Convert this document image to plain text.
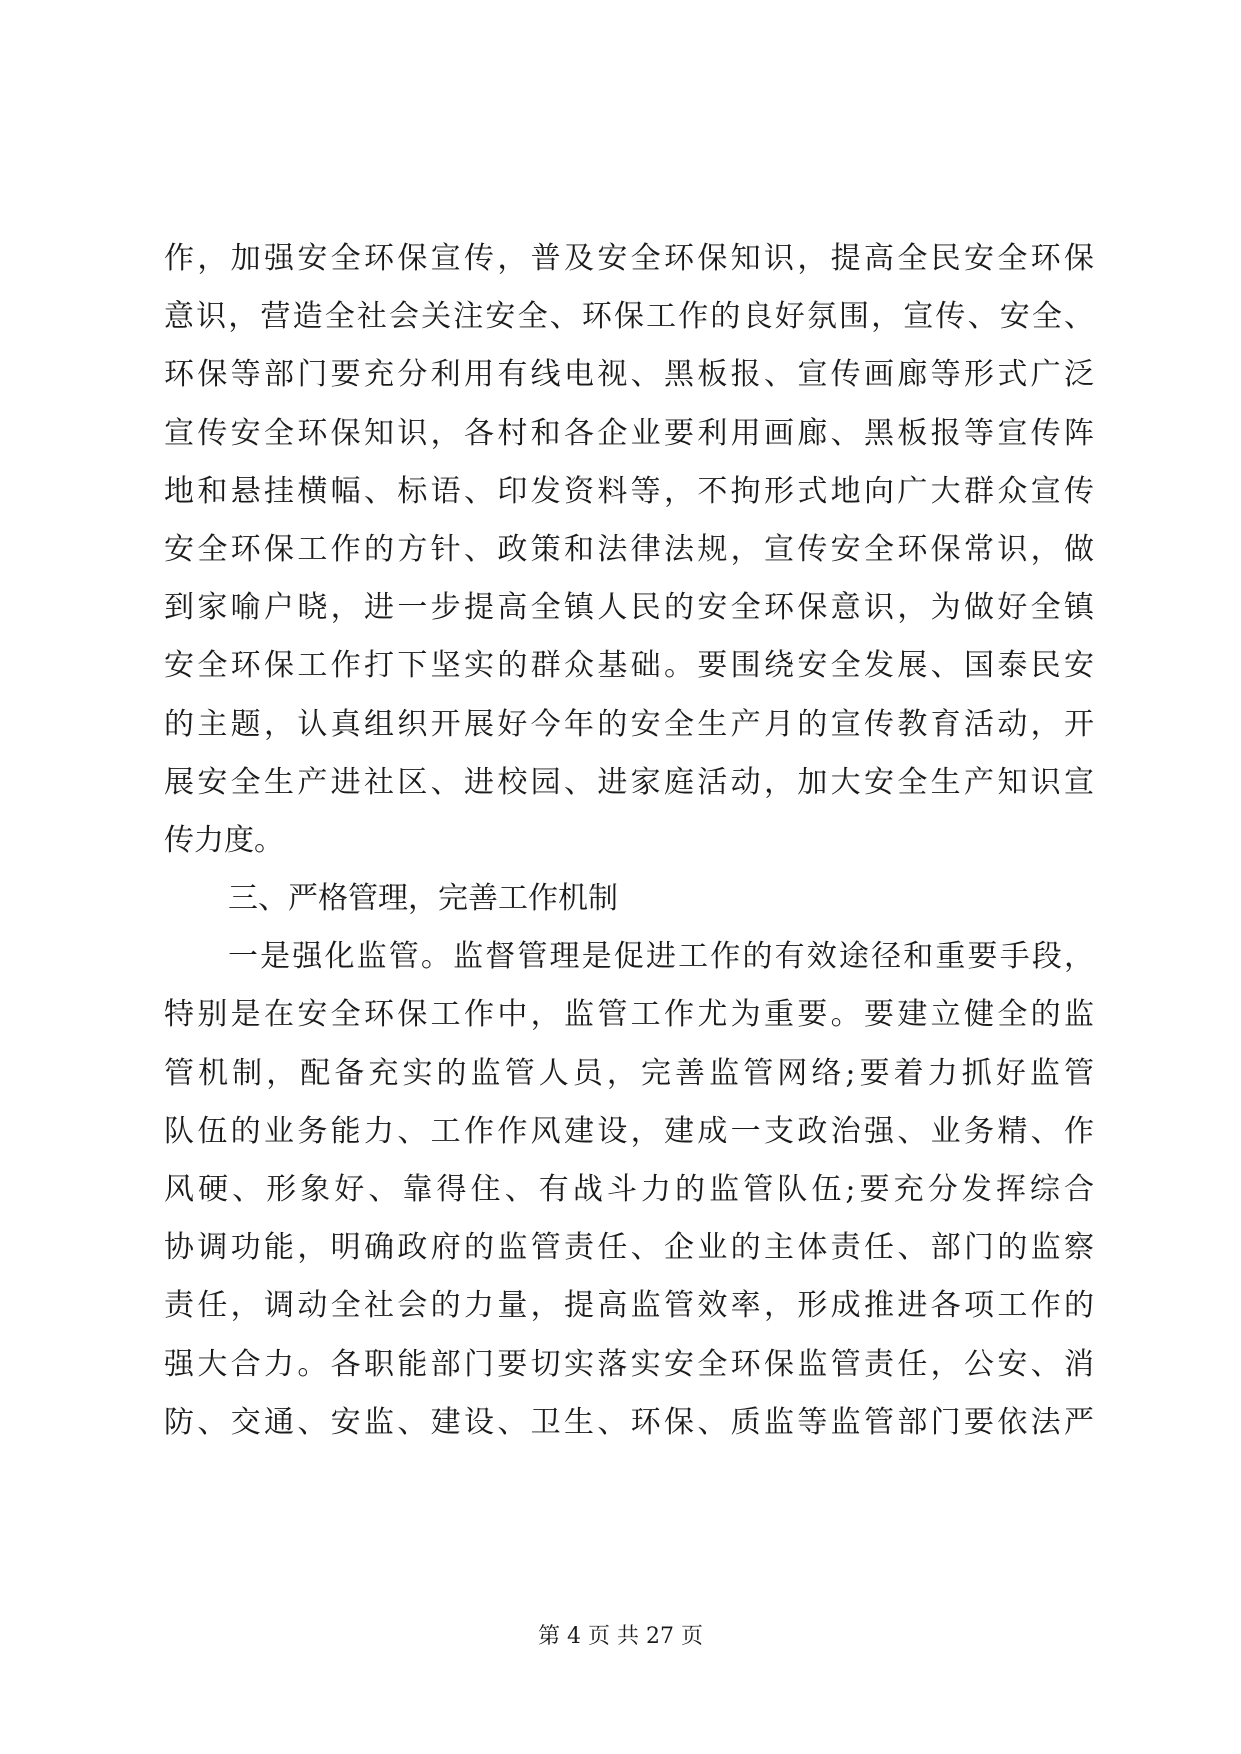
作，加强安全环保宣传，普及安全环保知识，提高全民安全环保
意识，营造全社会关注安全、环保工作的良好氛围，宣传、安全、
环保等部门要充分利用有线电视、黑板报、宣传画廊等形式广泛
宣传安全环保知识，各村和各企业要利用画廊、黑板报等宣传阵
地和悬挂横幅、标语、印发资料等，不拘形式地向广大群众宣传
安全环保工作的方针、政策和法律法规，宣传安全环保常识，做
到家喻户晓，进一步提高全镇人民的安全环保意识，为做好全镇
安全环保工作打下坚实的群众基础。要围绕安全发展、国泰民安
的主题，认真组织开展好今年的安全生产月的宣传教育活动，开
展安全生产进社区、进校园、进家庭活动，加大安全生产知识宣
传力度。
三、严格管理，完善工作机制
一是强化监管。监督管理是促进工作的有效途径和重要手段，
特别是在安全环保工作中，监管工作尤为重要。要建立健全的监
管机制，配备充实的监管人员，完善监管网络;要着力抓好监管
队伍的业务能力、工作作风建设，建成一支政治强、业务精、作
风硬、形象好、靠得住、有战斗力的监管队伍;要充分发挥综合
协调功能，明确政府的监管责任、企业的主体责任、部门的监察
责任，调动全社会的力量，提高监管效率，形成推进各项工作的
强大合力。各职能部门要切实落实安全环保监管责任，公安、消
防、交通、安监、建设、卫生、环保、质监等监管部门要依法严
第 4 页 共 27 页
